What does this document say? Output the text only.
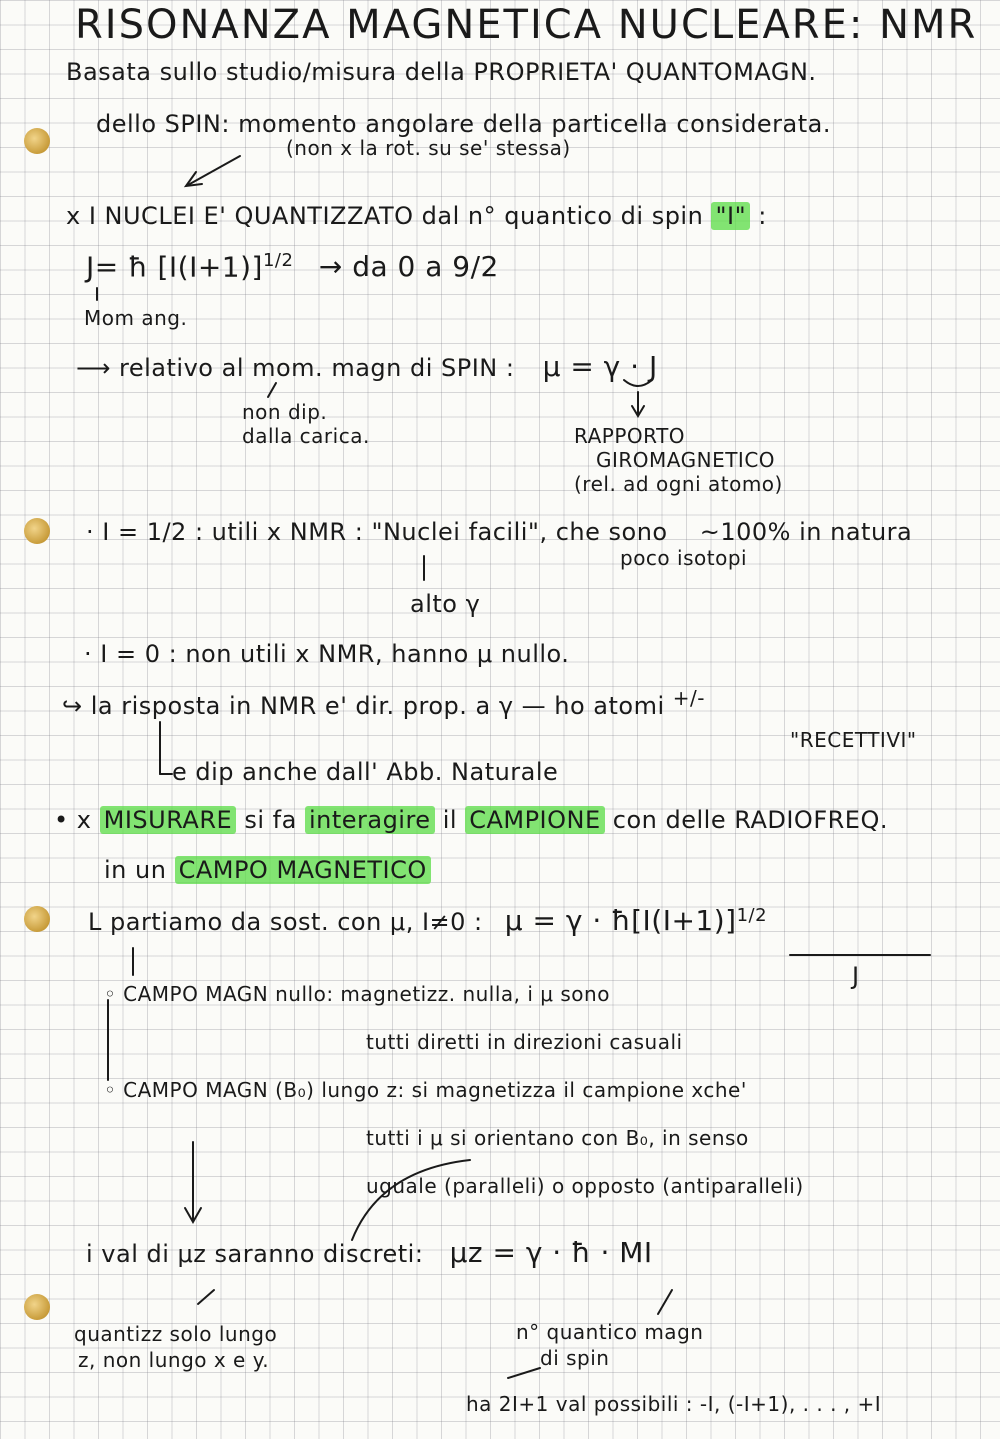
RISONANZA MAGNETICA NUCLEARE: NMR
Basata sullo studio/misura della PROPRIETA' QUANTOMAGN.
dello SPIN: momento angolare della particella considerata.
(non x la rot. su se' stessa)
x I NUCLEI E' QUANTIZZATO dal n° quantico di spin "I" :
J= ħ $[I(I+1)]^{1/2}$ → da 0 a 9/2
Mom ang.
⟶ relativo al mom. magn di SPIN : μ = γ · J
non dip.
dalla carica.	RAPPORTO
GIROMAGNETICO
(rel. ad ogni atomo)
· I = 1/2 : utili x NMR : "Nuclei facili", che sono ~100% in natura
poco isotopi
alto γ
· I = 0 : non utili x NMR, hanno μ nullo.
↪ la risposta in NMR e' dir. prop. a γ — ho atomi +/-
"RECETTIVI"
e dip anche dall' Abb. Naturale
• x MISURARE si fa interagire il CAMPIONE con delle RADIOFREQ.
in un CAMPO MAGNETICO
L partiamo da sost. con μ, I≠0 : $\mu = \gamma \cdot ħ[I(I+1)]^{1/2}$
J
◦ CAMPO MAGN nullo: magnetizz. nulla, i μ sono
tutti diretti in direzioni casuali
◦ CAMPO MAGN (B₀) lungo z: si magnetizza il campione xche'
tutti i μ si orientano con B₀, in senso
uguale (paralleli) o opposto (antiparalleli)
i val di μz saranno discreti: μz = γ · ħ · MI
quantizz solo lungo
z, non lungo x e y.
n° quantico magn
di spin
ha 2I+1 val possibili : -I, (-I+1), . . . , +I
